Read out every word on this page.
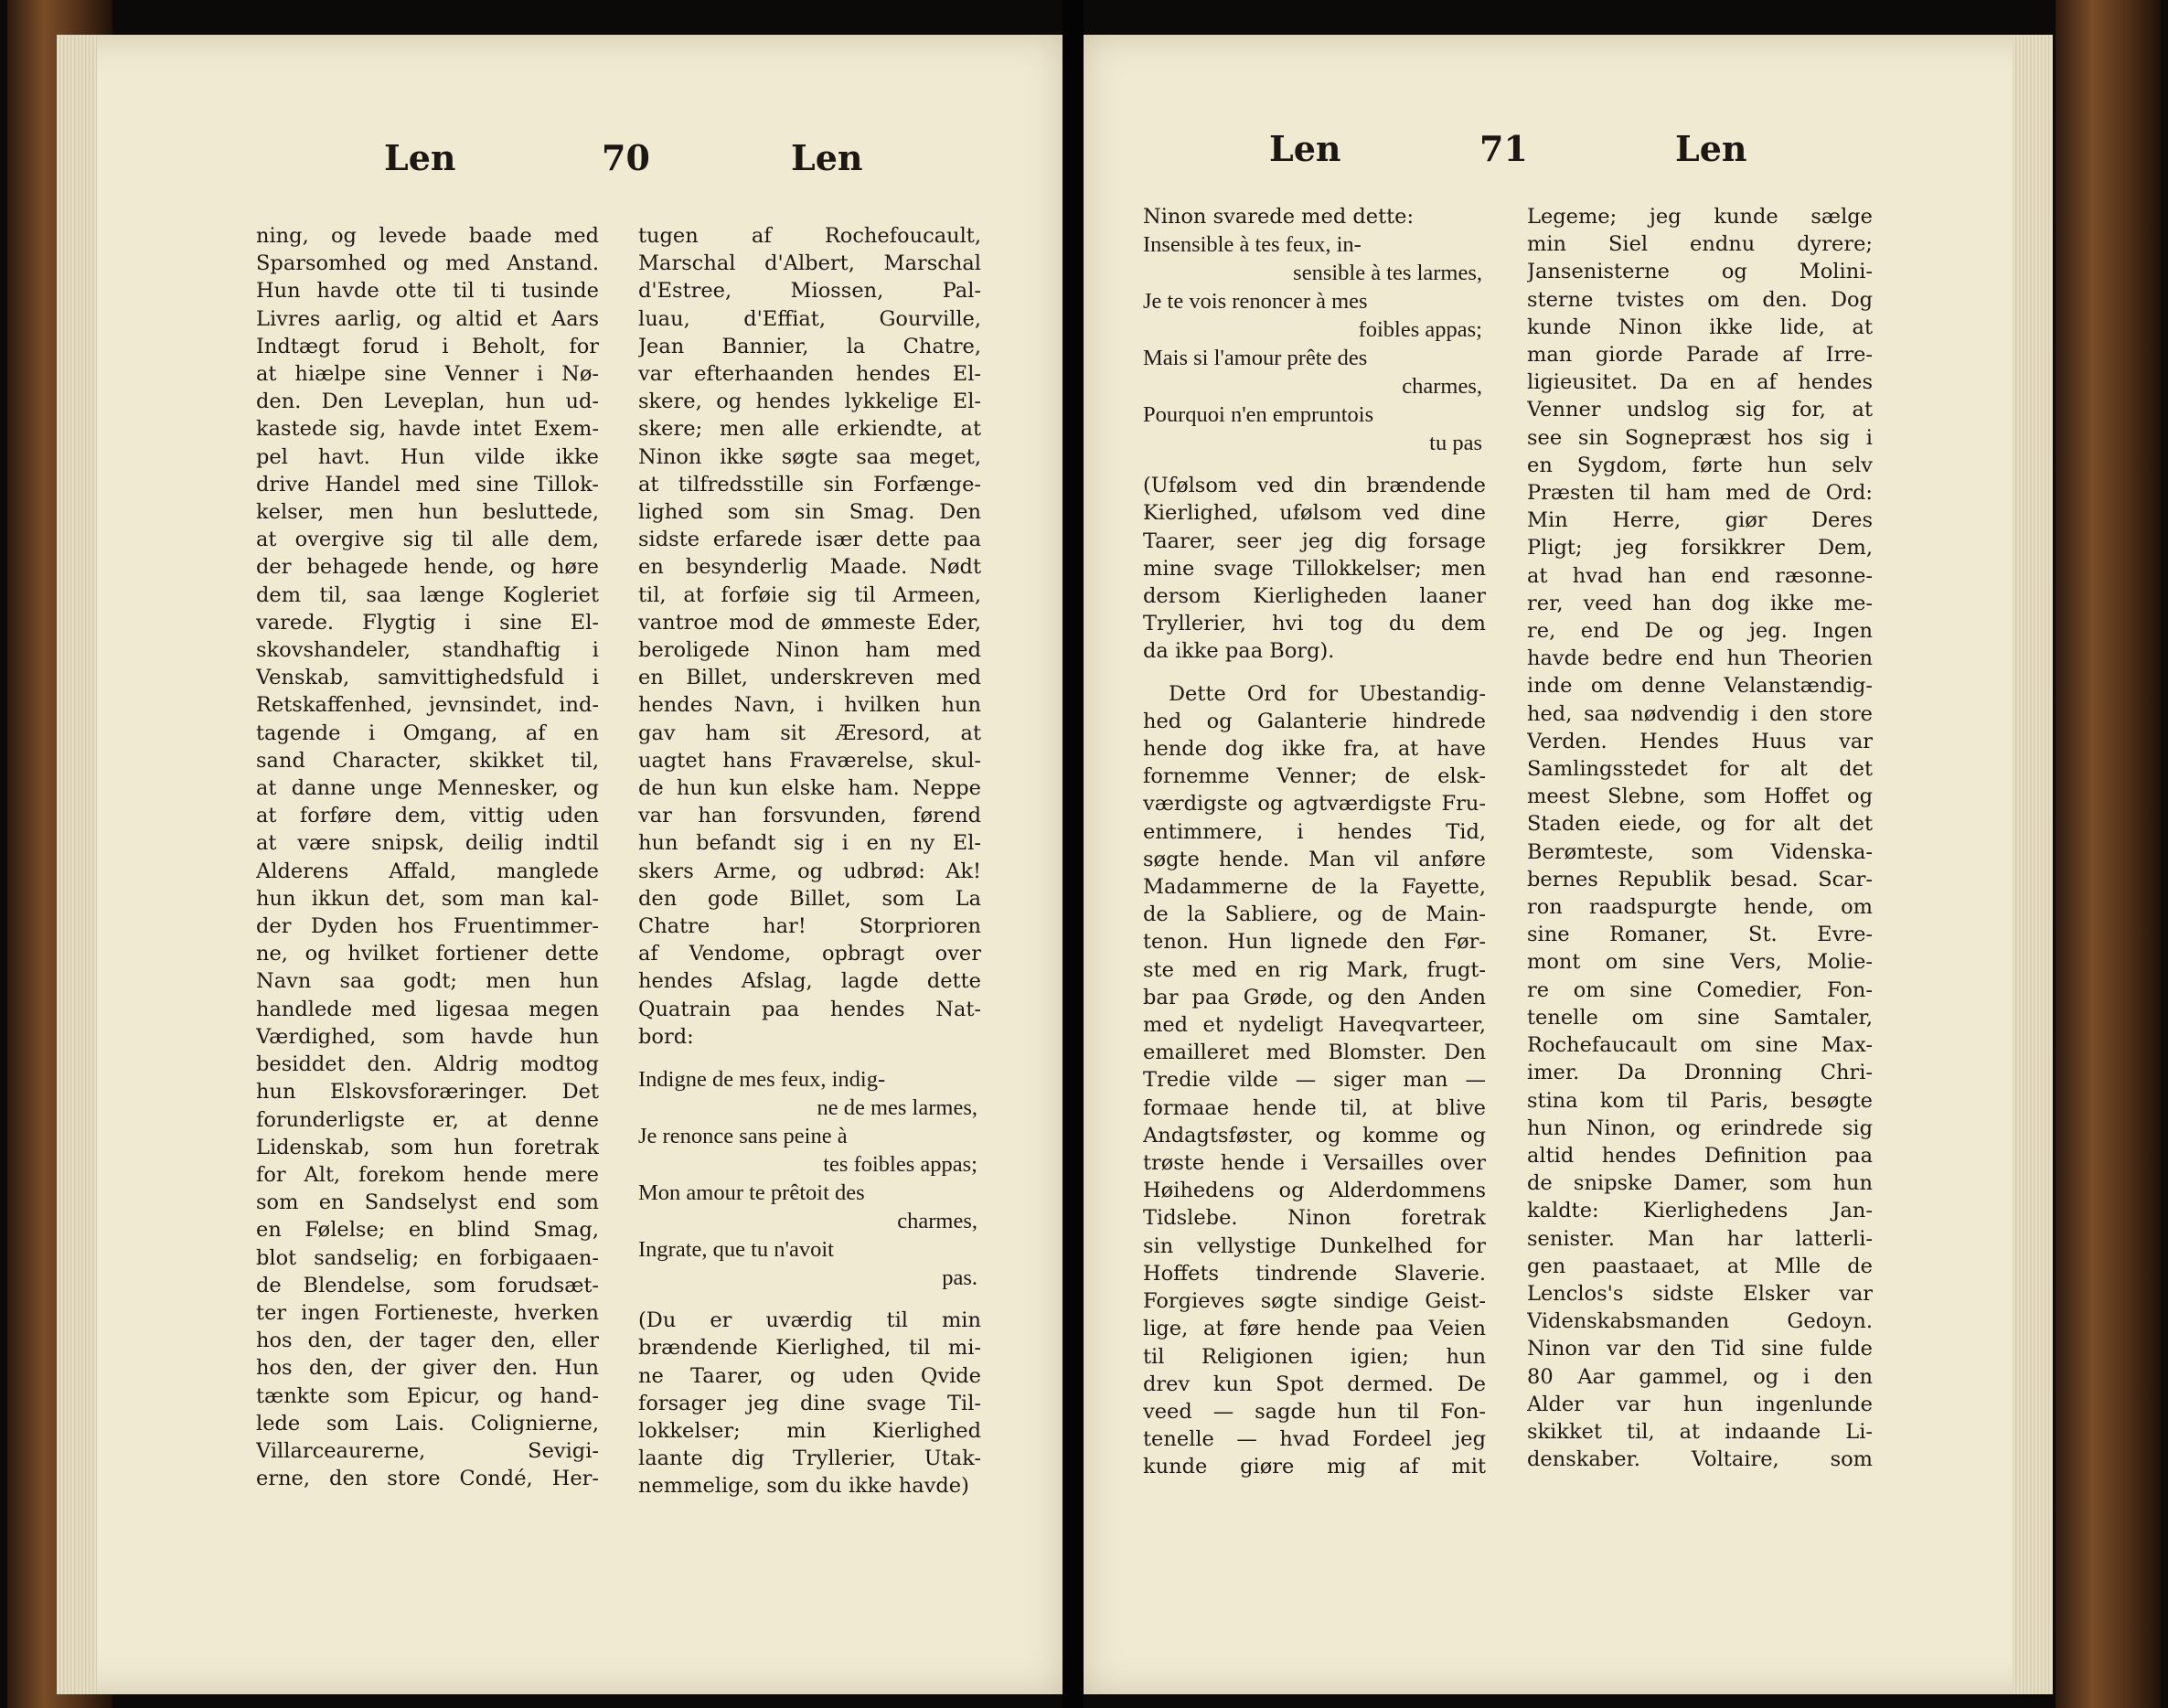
Len	70	Len
ning, og levede baade med
Sparsomhed og med Anstand.
Hun havde otte til ti tusinde
Livres aarlig, og altid et Aars
Indtægt forud i Beholt, for
at hiælpe sine Venner i Nø-
den. Den Leveplan, hun ud-
kastede sig, havde intet Exem-
pel havt. Hun vilde ikke
drive Handel med sine Tillok-
kelser, men hun besluttede,
at overgive sig til alle dem,
der behagede hende, og høre
dem til, saa længe Kogleriet
varede. Flygtig i sine El-
skovshandeler, standhaftig i
Venskab, samvittighedsfuld i
Retskaffenhed, jevnsindet, ind-
tagende i Omgang, af en
sand Character, skikket til,
at danne unge Mennesker, og
at forføre dem, vittig uden
at være snipsk, deilig indtil
Alderens Affald, manglede
hun ikkun det, som man kal-
der Dyden hos Fruentimmer-
ne, og hvilket fortiener dette
Navn saa godt; men hun
handlede med ligesaa megen
Værdighed, som havde hun
besiddet den. Aldrig modtog
hun Elskovsforæringer. Det
forunderligste er, at denne
Lidenskab, som hun foretrak
for Alt, forekom hende mere
som en Sandselyst end som
en Følelse; en blind Smag,
blot sandselig; en forbigaaen-
de Blendelse, som forudsæt-
ter ingen Fortieneste, hverken
hos den, der tager den, eller
hos den, der giver den. Hun
tænkte som Epicur, og hand-
lede som Lais. Colignierne,
Villarceaurerne, Sevigi-
erne, den store Condé, Her-
tugen af Rochefoucault,
Marschal d'Albert, Marschal
d'Estree, Miossen, Pal-
luau, d'Effiat, Gourville,
Jean Bannier, la Chatre,
var efterhaanden hendes El-
skere, og hendes lykkelige El-
skere; men alle erkiendte, at
Ninon ikke søgte saa meget,
at tilfredsstille sin Forfænge-
lighed som sin Smag. Den
sidste erfarede især dette paa
en besynderlig Maade. Nødt
til, at forføie sig til Armeen,
vantroe mod de ømmeste Eder,
beroligede Ninon ham med
en Billet, underskreven med
hendes Navn, i hvilken hun
gav ham sit Æresord, at
uagtet hans Fraværelse, skul-
de hun kun elske ham. Neppe
var han forsvunden, førend
hun befandt sig i en ny El-
skers Arme, og udbrød: Ak!
den gode Billet, som La
Chatre har! Storprioren
af Vendome, opbragt over
hendes Afslag, lagde dette
Quatrain paa hendes Nat-
bord:
Indigne de mes feux, indig-
ne de mes larmes,
Je renonce sans peine à
tes foibles appas;
Mon amour te prêtoit des
charmes,
Ingrate, que tu n'avoit
pas.
(Du er uværdig til min
brændende Kierlighed, til mi-
ne Taarer, og uden Qvide
forsager jeg dine svage Til-
lokkelser; min Kierlighed
laante dig Tryllerier, Utak-
nemmelige, som du ikke havde)
Len	71	Len
Ninon svarede med dette:
Insensible à tes feux, in-
sensible à tes larmes,
Je te vois renoncer à mes
foibles appas;
Mais si l'amour prête des
charmes,
Pourquoi n'en empruntois
tu pas
(Ufølsom ved din brændende
Kierlighed, ufølsom ved dine
Taarer, seer jeg dig forsage
mine svage Tillokkelser; men
dersom Kierligheden laaner
Tryllerier, hvi tog du dem
da ikke paa Borg).
Dette Ord for Ubestandig-
hed og Galanterie hindrede
hende dog ikke fra, at have
fornemme Venner; de elsk-
værdigste og agtværdigste Fru-
entimmere, i hendes Tid,
søgte hende. Man vil anføre
Madammerne de la Fayette,
de la Sabliere, og de Main-
tenon. Hun lignede den Før-
ste med en rig Mark, frugt-
bar paa Grøde, og den Anden
med et nydeligt Haveqvarteer,
emailleret med Blomster. Den
Tredie vilde — siger man —
formaae hende til, at blive
Andagtsføster, og komme og
trøste hende i Versailles over
Høihedens og Alderdommens
Tidslebe. Ninon foretrak
sin vellystige Dunkelhed for
Hoffets tindrende Slaverie.
Forgieves søgte sindige Geist-
lige, at føre hende paa Veien
til Religionen igien; hun
drev kun Spot dermed. De
veed — sagde hun til Fon-
tenelle — hvad Fordeel jeg
kunde giøre mig af mit
Legeme; jeg kunde sælge
min Siel endnu dyrere;
Jansenisterne og Molini-
sterne tvistes om den. Dog
kunde Ninon ikke lide, at
man giorde Parade af Irre-
ligieusitet. Da en af hendes
Venner undslog sig for, at
see sin Sognepræst hos sig i
en Sygdom, førte hun selv
Præsten til ham med de Ord:
Min Herre, giør Deres
Pligt; jeg forsikkrer Dem,
at hvad han end ræsonne-
rer, veed han dog ikke me-
re, end De og jeg. Ingen
havde bedre end hun Theorien
inde om denne Velanstændig-
hed, saa nødvendig i den store
Verden. Hendes Huus var
Samlingsstedet for alt det
meest Slebne, som Hoffet og
Staden eiede, og for alt det
Berømteste, som Videnska-
bernes Republik besad. Scar-
ron raadspurgte hende, om
sine Romaner, St. Evre-
mont om sine Vers, Molie-
re om sine Comedier, Fon-
tenelle om sine Samtaler,
Rochefaucault om sine Max-
imer. Da Dronning Chri-
stina kom til Paris, besøgte
hun Ninon, og erindrede sig
altid hendes Definition paa
de snipske Damer, som hun
kaldte: Kierlighedens Jan-
senister. Man har latterli-
gen paastaaet, at Mlle de
Lenclos's sidste Elsker var
Videnskabsmanden Gedoyn.
Ninon var den Tid sine fulde
80 Aar gammel, og i den
Alder var hun ingenlunde
skikket til, at indaande Li-
denskaber. Voltaire, som
